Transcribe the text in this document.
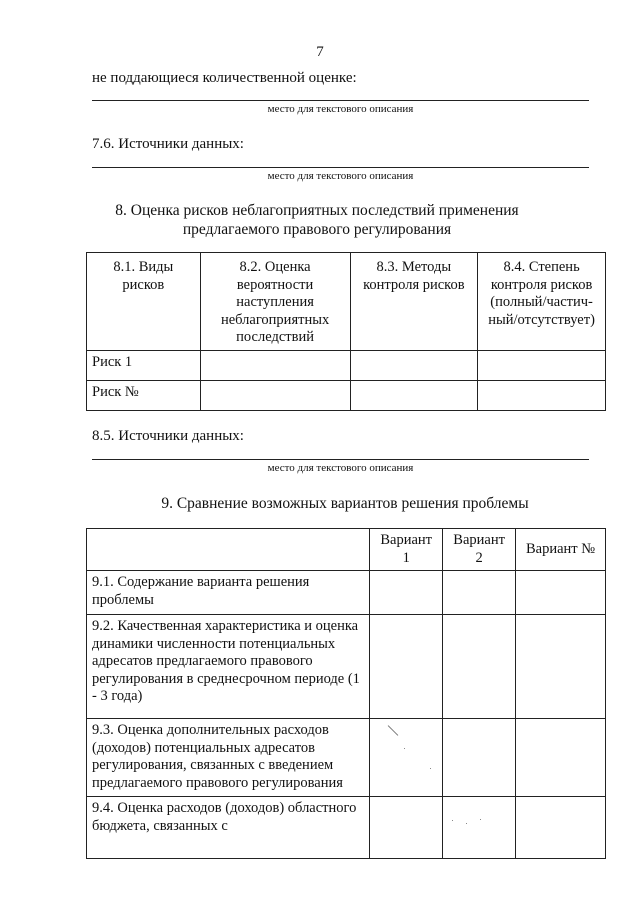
7
не поддающиеся количественной оценке:
место для текстового описания
7.6. Источники данных:
место для текстового описания
8. Оценка рисков неблагоприятных последствий применения
предлагаемого правового регулирования
8.1. Виды рисков	8.2. Оценка вероятности наступления неблагоприятных последствий	8.3. Методы контроля рисков	8.4. Степень контроля рисков (полный/частич-ный/отсутствует)
Риск 1			
Риск №			
8.5. Источники данных:
место для текстового описания
9. Сравнение возможных вариантов решения проблемы
	Вариант 1	Вариант 2	Вариант №
9.1. Содержание варианта решения проблемы			
9.2. Качественная характеристика и оценка динамики численности потенциальных адресатов предлагаемого правового регулирования в среднесрочном периоде (1 - 3 года)			
9.3. Оценка дополнительных расходов (доходов) потенциальных адресатов регулирования, связанных с введением предлагаемого правового регулирования			
9.4. Оценка расходов (доходов) областного бюджета, связанных с			
